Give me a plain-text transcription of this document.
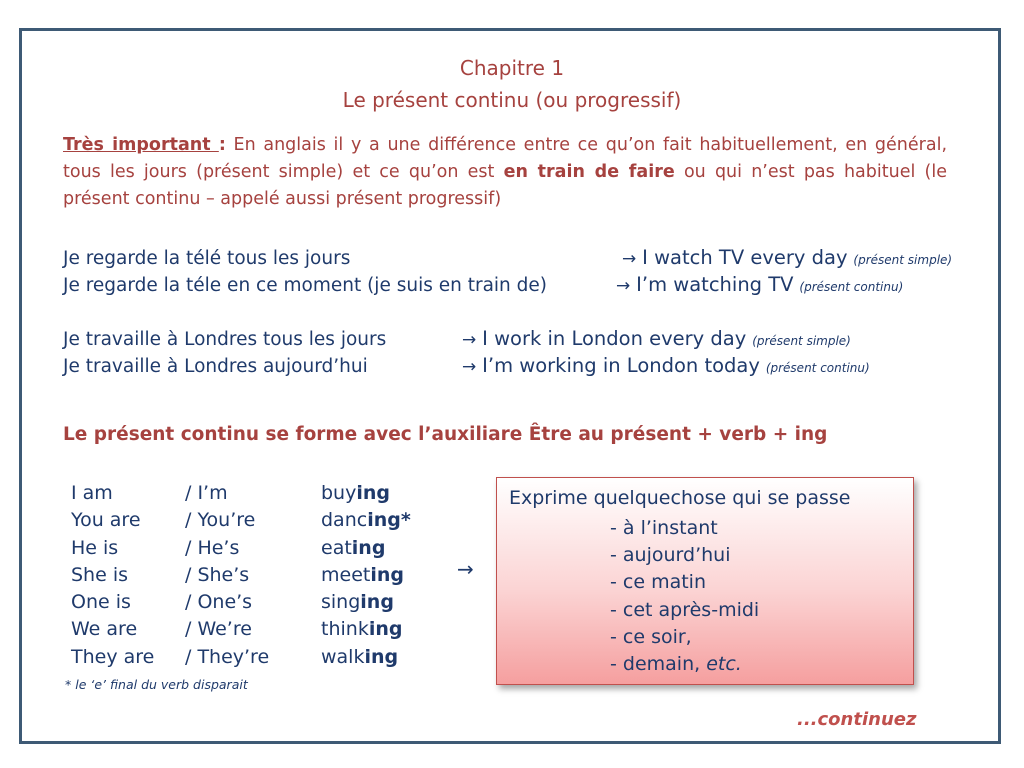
Chapitre 1
Le présent continu (ou progressif)
Très important : En anglais il y a une différence entre ce qu’on fait habituellement, en général, tous les jours (présent simple) et ce qu’on est en train de faire ou qui n’est pas habituel (le présent continu – appelé aussi présent progressif)
Je regarde la télé tous les jours	→ I watch TV every day (présent simple)
Je regarde la téle en ce moment (je suis en train de)	→ I’m watching TV (présent continu)
Je travaille à Londres tous les jours	→ I work in London every day (présent simple)
Je travaille à Londres aujourd’hui	→ I’m working in London today (présent continu)
Le présent continu se forme avec l’auxiliare Être au présent + verb + ing
I am	/ I’m	buying
You are / You’re	dancing*
He is	/ He’s	eating
She is	/ She’s	meeting
One is	/ One’s	singing
We are	/ We’re	thinking
They are / They’re	walking
* le ‘e’ final du verb disparait
→
Exprime quelquechose qui se passe
- à l’instant
- aujourd’hui
- ce matin
- cet après-midi
- ce soir,
- demain, etc.
...continuez
